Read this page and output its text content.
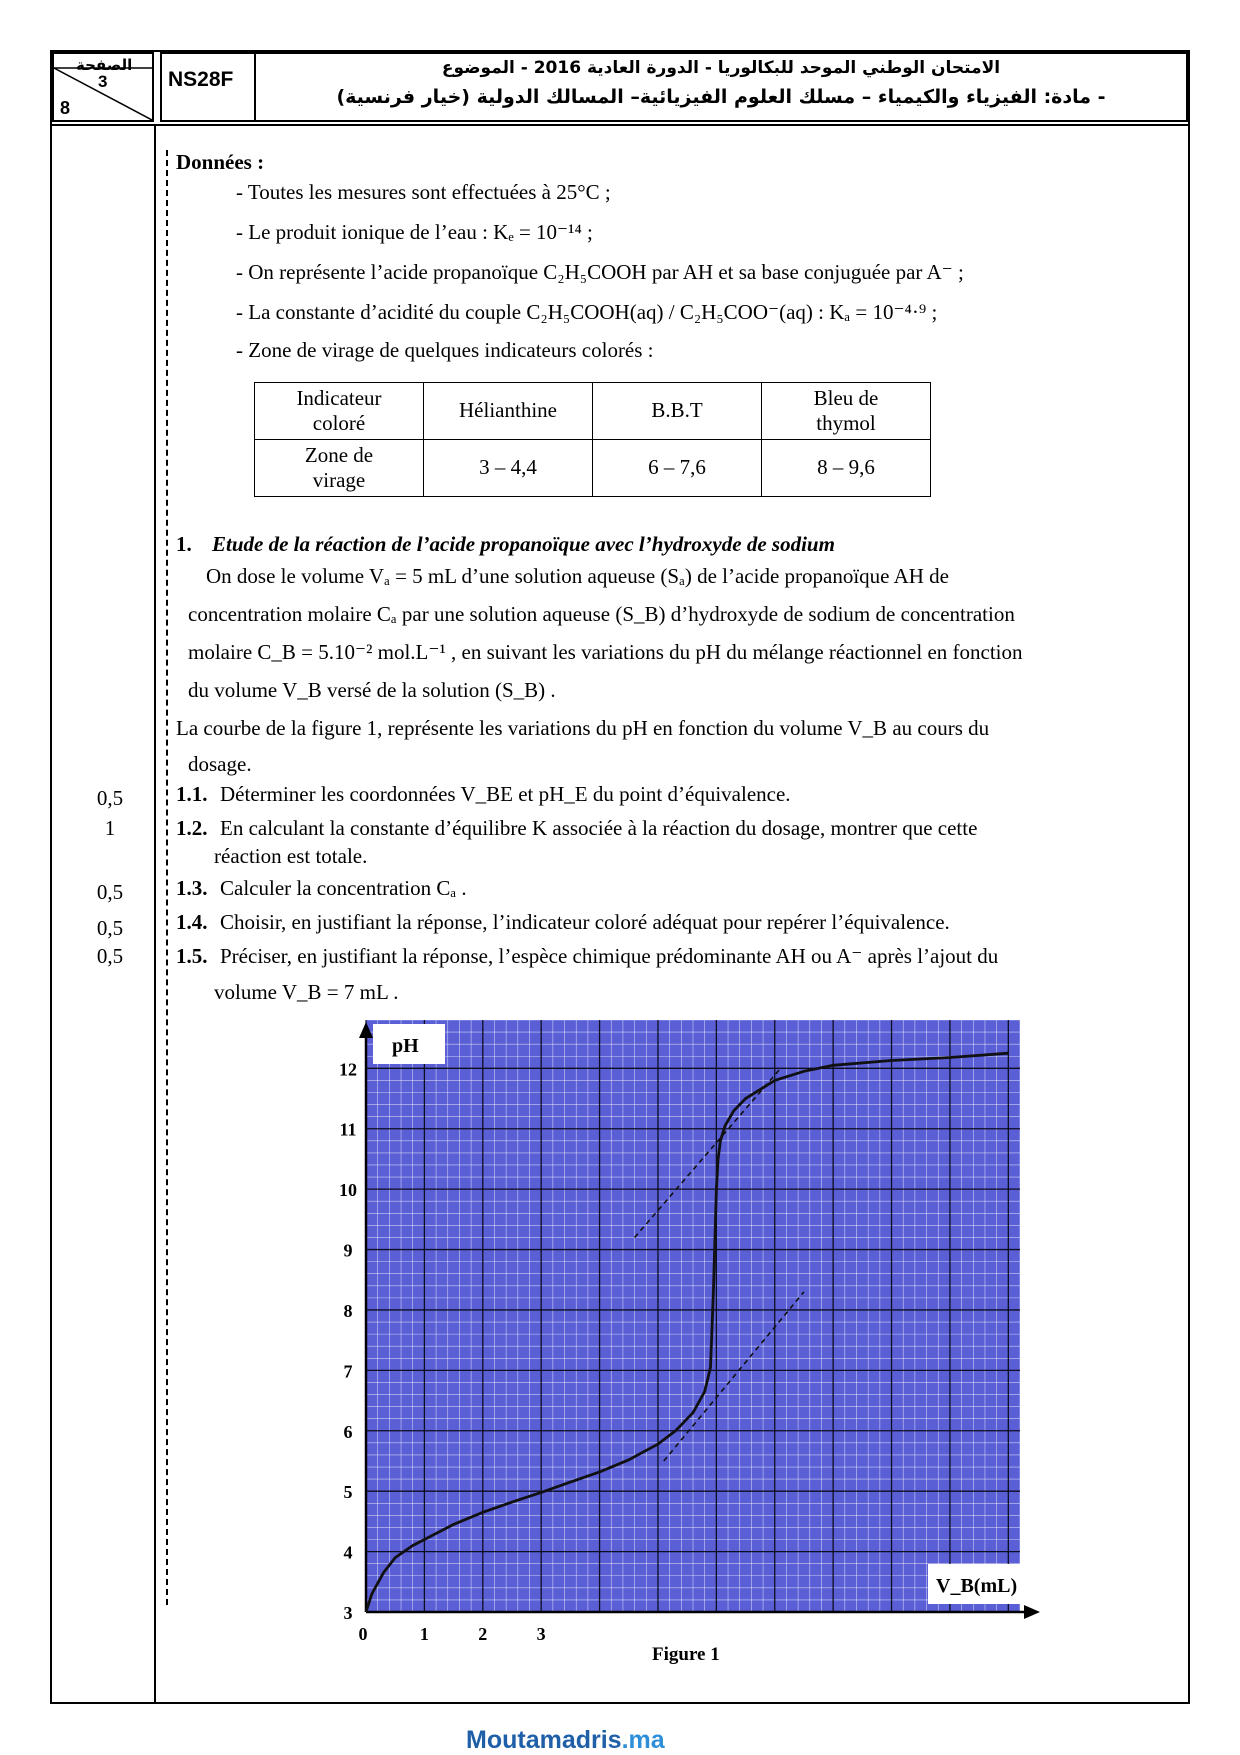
الصفحة
3
8
NS28F	الامتحان الوطني الموحد للبكالوريا - الدورة العادية 2016 - الموضوع
- مادة: الفيزياء والكيمياء – مسلك العلوم الفيزيائية– المسالك الدولية (خيار فرنسية)
Données :
- Toutes les mesures sont effectuées à 25°C ;
- Le produit ionique de l’eau : Kₑ = 10⁻¹⁴ ;
- On représente l’acide propanoïque C₂H₅COOH par AH et sa base conjuguée par A⁻ ;
- La constante d’acidité du couple C₂H₅COOH(aq) / C₂H₅COO⁻(aq) : Kₐ = 10⁻⁴·⁹ ;
- Zone de virage de quelques indicateurs colorés :
Indicateur
coloré	Hélianthine	B.B.T	Bleu de
thymol
Zone de
virage	3 – 4,4	6 – 7,6	8 – 9,6
1. Etude de la réaction de l’acide propanoïque avec l’hydroxyde de sodium
On dose le volume Vₐ = 5 mL d’une solution aqueuse (Sₐ) de l’acide propanoïque AH de
concentration molaire Cₐ par une solution aqueuse (S_B) d’hydroxyde de sodium de concentration
molaire C_B = 5.10⁻² mol.L⁻¹ , en suivant les variations du pH du mélange réactionnel en fonction
du volume V_B versé de la solution (S_B) .
La courbe de la figure 1, représente les variations du pH en fonction du volume V_B au cours du
dosage.
0,5	1.1. Déterminer les coordonnées V_BE et pH_E du point d’équivalence.
1	1.2. En calculant la constante d’équilibre K associée à la réaction du dosage, montrer que cette
réaction est totale.
0,5	1.3. Calculer la concentration Cₐ .
0,5	1.4. Choisir, en justifiant la réponse, l’indicateur coloré adéquat pour repérer l’équivalence.
0,5	1.5. Préciser, en justifiant la réponse, l’espèce chimique prédominante AH ou A⁻ après l’ajout du
volume V_B = 7 mL .
3
4
5
6
7
8
9
10
11
12
0	1	2	3
pH
V_B(mL)
Figure 1
Moutamadris.ma
